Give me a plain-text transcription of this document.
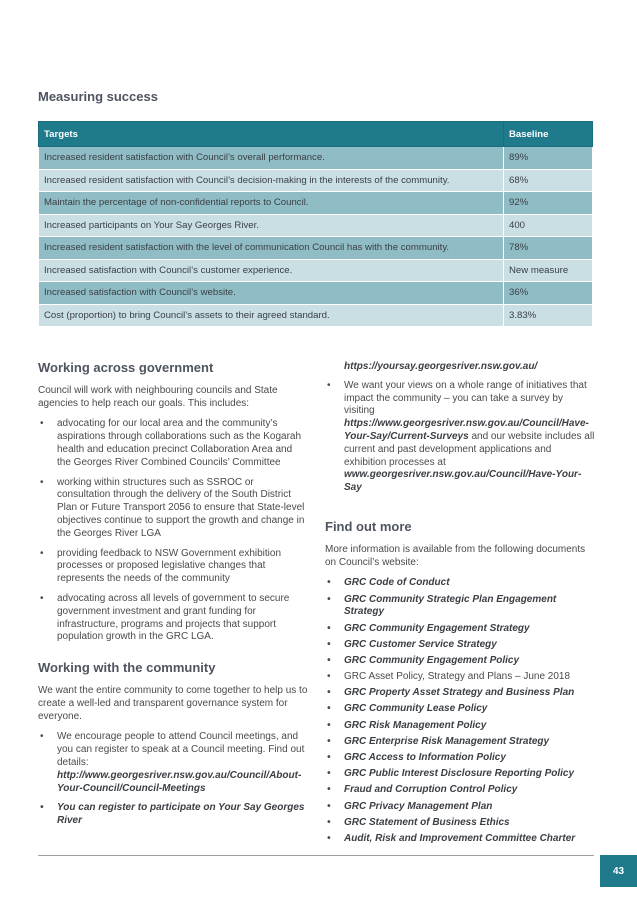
Measuring success
Targets	Baseline
Increased resident satisfaction with Council’s overall performance.	89%
Increased resident satisfaction with Council’s decision-making in the interests of the community.	68%
Maintain the percentage of non-confidential reports to Council.	92%
Increased participants on Your Say Georges River.	400
Increased resident satisfaction with the level of communication Council has with the community.	78%
Increased satisfaction with Council’s customer experience.	New measure
Increased satisfaction with Council’s website.	36%
Cost (proportion) to bring Council’s assets to their agreed standard.	3.83%
Working across government

Council will work with neighbouring councils and State agencies to help reach our goals. This includes:

• advocating for our local area and the community’s aspirations through collaborations such as the Kogarah health and education precinct Collaboration Area and the Georges River Combined Councils’ Committee
• working within structures such as SSROC or consultation through the delivery of the South District Plan or Future Transport 2056 to ensure that State-level objectives continue to support the growth and change in the Georges River LGA
• providing feedback to NSW Government exhibition processes or proposed legislative changes that represents the needs of the community
• advocating across all levels of government to secure government investment and grant funding for infrastructure, programs and projects that support population growth in the GRC LGA.
Working with the community

We want the entire community to come together to help us to create a well-led and transparent governance system for everyone.

• We encourage people to attend Council meetings, and you can register to speak at a Council meeting. Find out details: http://www.georgesriver.nsw.gov.au/Council/About-Your-Council/Council-Meetings
• You can register to participate on Your Say Georges River
https://yoursay.georgesriver.nsw.gov.au/
• We want your views on a whole range of initiatives that impact the community – you can take a survey by visiting https://www.georgesriver.nsw.gov.au/Council/Have-Your-Say/Current-Surveys and our website includes all current and past development applications and exhibition processes at www.georgesriver.nsw.gov.au/Council/Have-Your-Say
Find out more

More information is available from the following documents on Council’s website:

• GRC Code of Conduct
• GRC Community Strategic Plan Engagement Strategy
• GRC Community Engagement Strategy
• GRC Customer Service Strategy
• GRC Community Engagement Policy
• GRC Asset Policy, Strategy and Plans – June 2018
• GRC Property Asset Strategy and Business Plan
• GRC Community Lease Policy
• GRC Risk Management Policy
• GRC Enterprise Risk Management Strategy
• GRC Access to Information Policy
• GRC Public Interest Disclosure Reporting Policy
• Fraud and Corruption Control Policy
• GRC Privacy Management Plan
• GRC Statement of Business Ethics
• Audit, Risk and Improvement Committee Charter
43
